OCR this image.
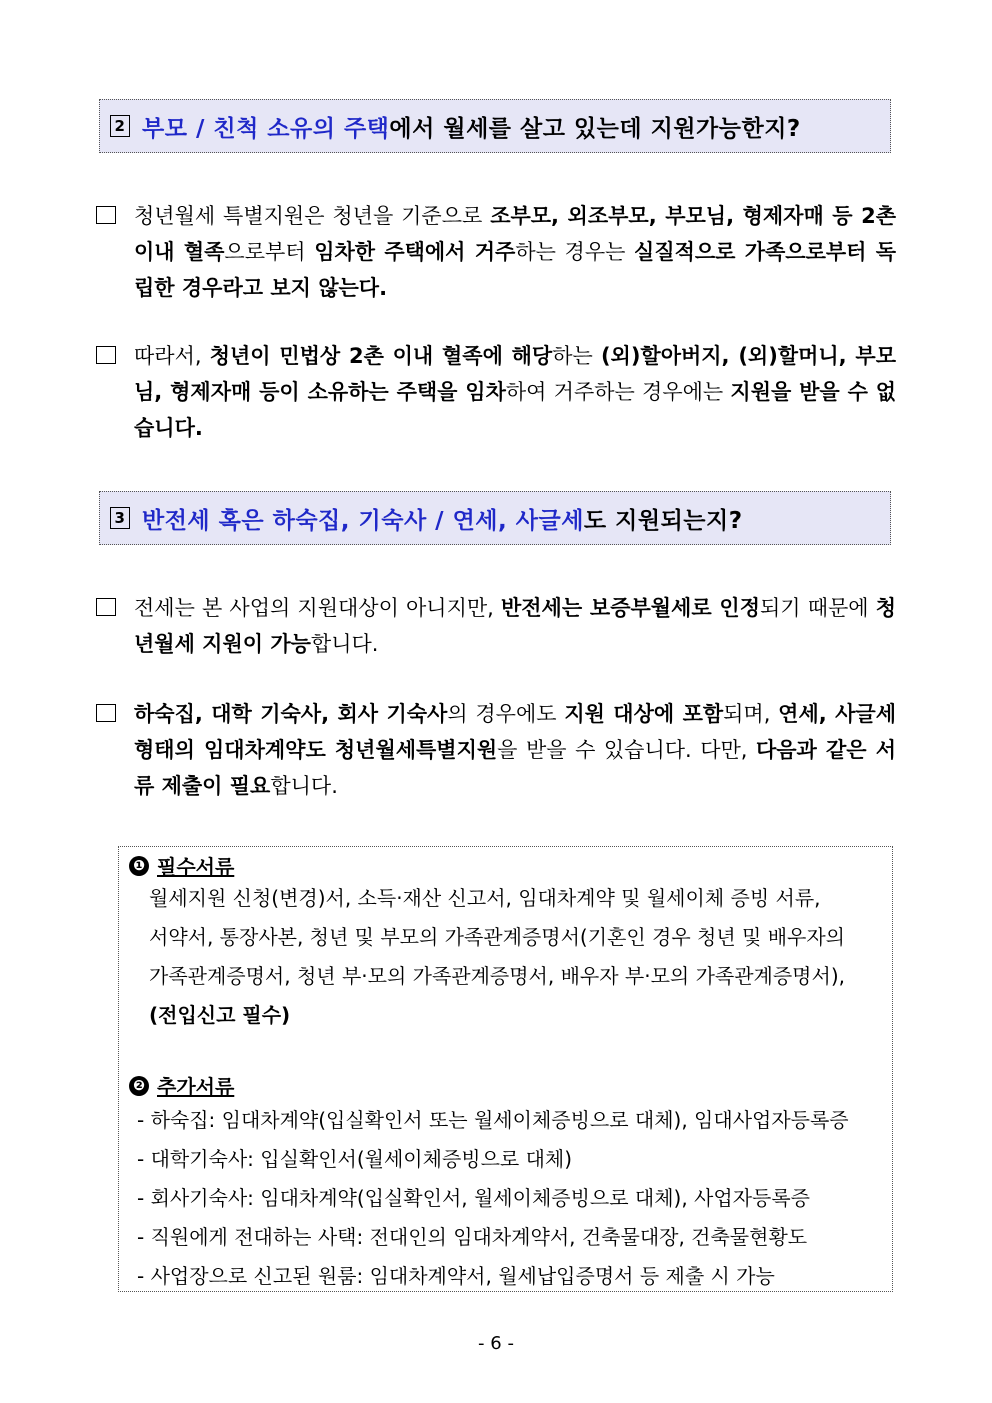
2 부모 / 친척 소유의 주택 에서 월세를 살고 있는데 지원가능한지?
청년월세 특별지원은 청년을 기준으로 조부모, 외조부모, 부모님, 형제자매 등 2촌 이내 혈족으로부터 임차한 주택에서 거주하는 경우는 실질적으로 가족으로부터 독립한 경우라고 보지 않는다.
따라서, 청년이 민법상 2촌 이내 혈족에 해당하는 (외)할아버지, (외)할머니, 부모님, 형제자매 등이 소유하는 주택을 임차하여 거주하는 경우에는 지원을 받을 수 없습니다.
3 반전세 혹은 하숙집, 기숙사 / 연세, 사글세 도 지원되는지?
전세는 본 사업의 지원대상이 아니지만, 반전세는 보증부월세로 인정되기 때문에 청년월세 지원이 가능합니다.
하숙집, 대학 기숙사, 회사 기숙사의 경우에도 지원 대상에 포함되며, 연세, 사글세 형태의 임대차계약도 청년월세특별지원을 받을 수 있습니다. 다만, 다음과 같은 서류 제출이 필요합니다.
❶ 필수서류
월세지원 신청(변경)서, 소득·재산 신고서, 임대차계약 및 월세이체 증빙 서류,
서약서, 통장사본, 청년 및 부모의 가족관계증명서(기혼인 경우 청년 및 배우자의
가족관계증명서, 청년 부·모의 가족관계증명서, 배우자 부·모의 가족관계증명서),
(전입신고 필수)
❷ 추가서류
- 하숙집: 임대차계약(입실확인서 또는 월세이체증빙으로 대체), 임대사업자등록증
- 대학기숙사: 입실확인서(월세이체증빙으로 대체)
- 회사기숙사: 임대차계약(입실확인서, 월세이체증빙으로 대체), 사업자등록증
- 직원에게 전대하는 사택: 전대인의 임대차계약서, 건축물대장, 건축물현황도
- 사업장으로 신고된 원룸: 임대차계약서, 월세납입증명서 등 제출 시 가능
- 6 -
